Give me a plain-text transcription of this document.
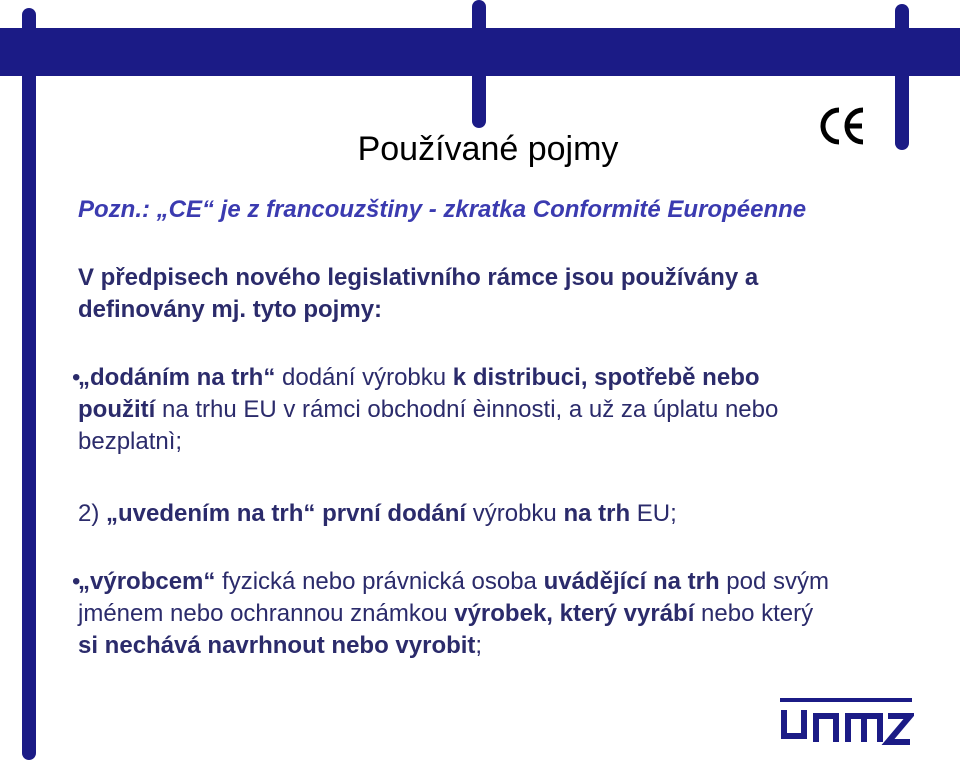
Používané pojmy
Pozn.: „CE“ je z francouzštiny - zkratka Conformité Européenne
V předpisech nového legislativního rámce jsou používány a
definovány mj. tyto pojmy:
•
„dodáním na trh“ dodání výrobku k distribuci, spotřebě nebo
použití na trhu EU v rámci obchodní èinnosti, a už za úplatu nebo
bezplatnì;
2) „uvedením na trh“ první dodání výrobku na trh EU;
•
„výrobcem“ fyzická nebo právnická osoba uvádějící na trh pod svým
jménem nebo ochrannou známkou výrobek, který vyrábí nebo který
si nechává navrhnout nebo vyrobit;
